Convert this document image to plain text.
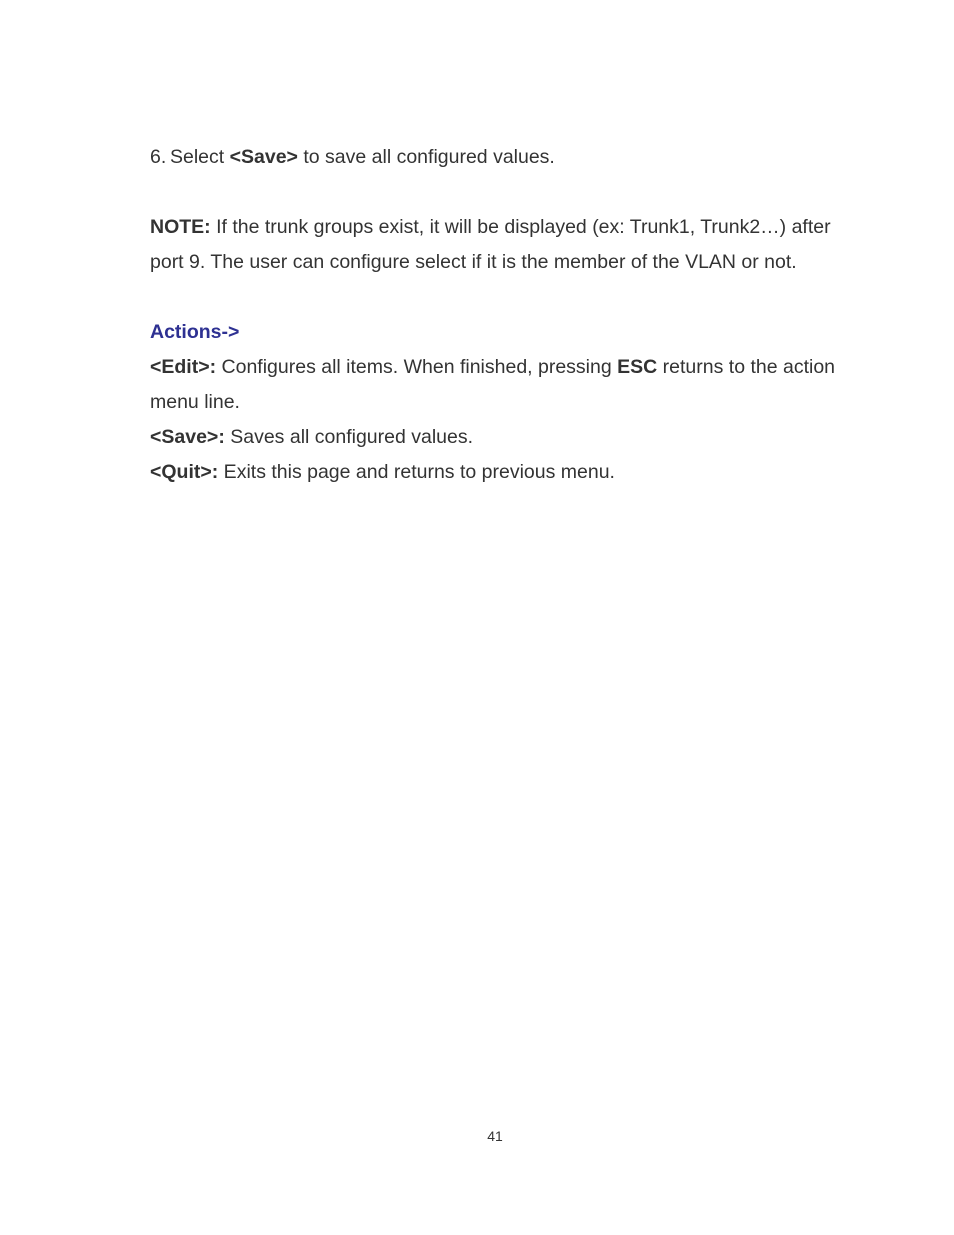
6. Select <Save> to save all configured values.

NOTE: If the trunk groups exist, it will be displayed (ex: Trunk1, Trunk2…) after port 9. The user can configure select if it is the member of the VLAN or not.

Actions->

<Edit>: Configures all items. When finished, pressing ESC returns to the action menu line.

<Save>: Saves all configured values.

<Quit>: Exits this page and returns to previous menu.

41
